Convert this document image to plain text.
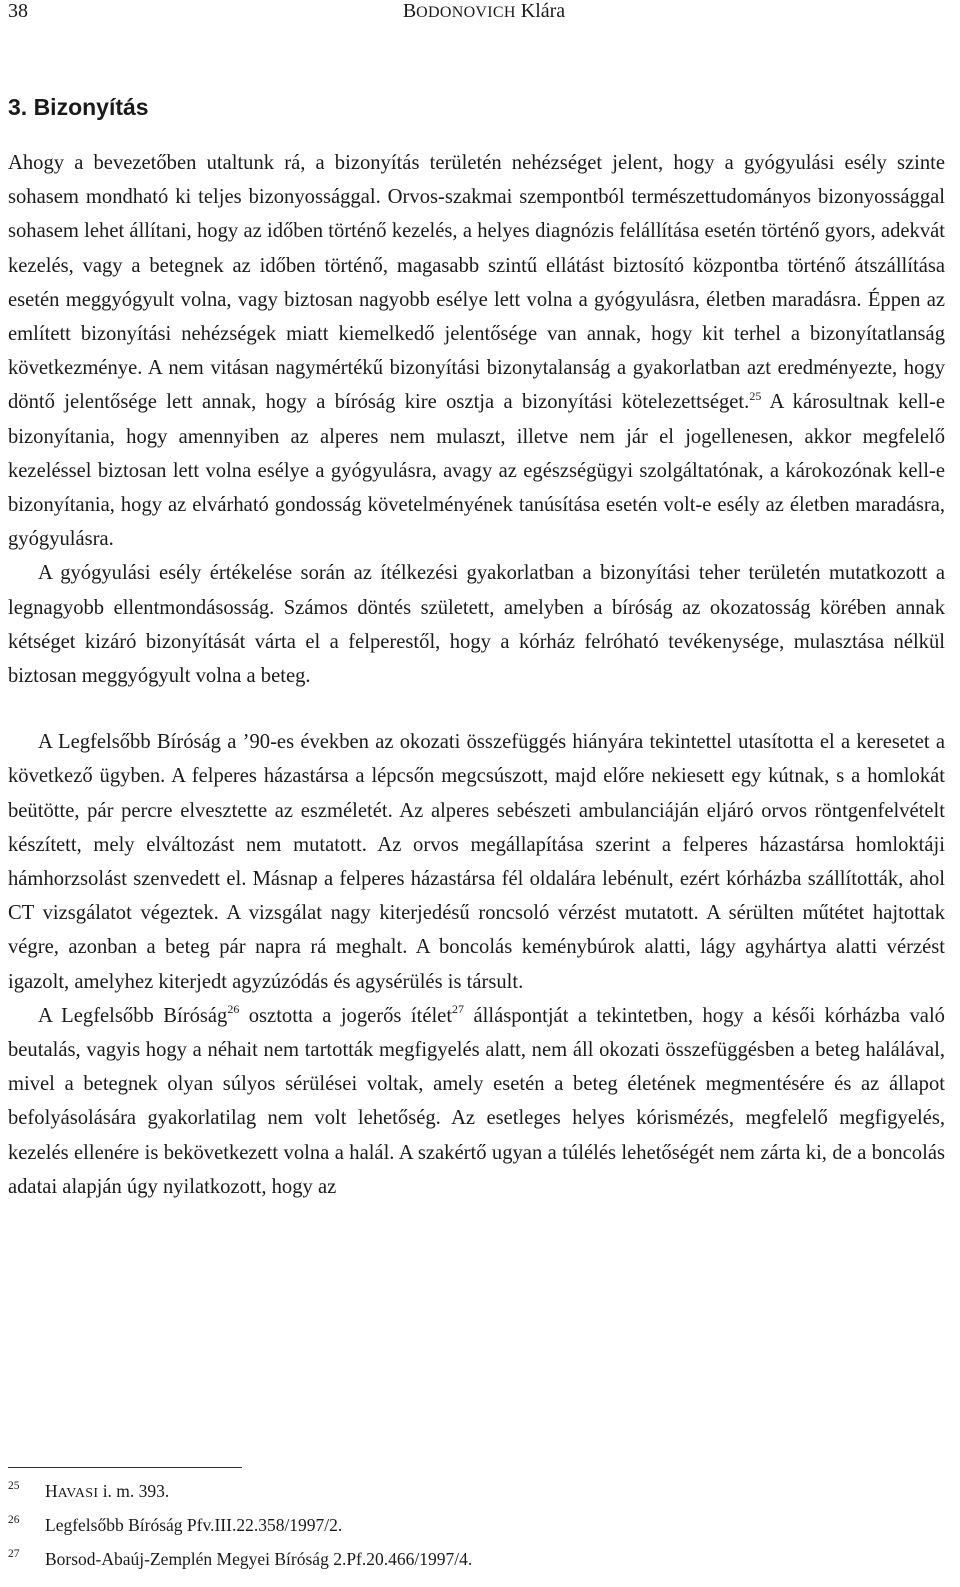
38	BODONOVICH Klára
3. Bizonyítás

Ahogy a bevezetőben utaltunk rá, a bizonyítás területén nehézséget jelent, hogy a gyógyulási esély szinte sohasem mondható ki teljes bizonyossággal. Orvos-szakmai szempontból természettudományos bizonyossággal sohasem lehet állítani, hogy az időben történő kezelés, a helyes diagnózis felállítása esetén történő gyors, adekvát kezelés, vagy a betegnek az időben történő, magasabb szintű ellátást biztosító központba történő átszállítása esetén meggyógyult volna, vagy biztosan nagyobb esélye lett volna a gyógyulásra, életben maradásra. Éppen az említett bizonyítási nehézségek miatt kiemelkedő jelentősége van annak, hogy kit terhel a bizonyítatlanság következménye. A nem vitásan nagymértékű bizonyítási bizonytalanság a gyakorlatban azt eredményezte, hogy döntő jelentősége lett annak, hogy a bíróság kire osztja a bizonyítási kötelezettséget.$^{25}$ A károsultnak kell-e bizonyítania, hogy amennyiben az alperes nem mulaszt, illetve nem jár el jogellenesen, akkor megfelelő kezeléssel biztosan lett volna esélye a gyógyulásra, avagy az egészségügyi szolgáltatónak, a károkozónak kell-e bizonyítania, hogy az elvárható gondosság követelményének tanúsítása esetén volt-e esély az életben maradásra, gyógyulásra.

A gyógyulási esély értékelése során az ítélkezési gyakorlatban a bizonyítási teher területén mutatkozott a legnagyobb ellentmondásosság. Számos döntés született, amelyben a bíróság az okozatosság körében annak kétséget kizáró bizonyítását várta el a felperestől, hogy a kórház felróható tevékenysége, mulasztása nélkül biztosan meggyógyult volna a beteg.

A Legfelsőbb Bíróság a ’90-es években az okozati összefüggés hiányára tekintettel utasította el a keresetet a következő ügyben. A felperes házastársa a lépcsőn megcsúszott, majd előre nekiesett egy kútnak, s a homlokát beütötte, pár percre elvesztette az eszméletét. Az alperes sebészeti ambulanciáján eljáró orvos röntgenfelvételt készített, mely elváltozást nem mutatott. Az orvos megállapítása szerint a felperes házastársa homloktáji hámhorzsolást szenvedett el. Másnap a felperes házastársa fél oldalára lebénult, ezért kórházba szállították, ahol CT vizsgálatot végeztek. A vizsgálat nagy kiterjedésű roncsoló vérzést mutatott. A sérülten műtétet hajtottak végre, azonban a beteg pár napra rá meghalt. A boncolás keménybúrok alatti, lágy agyhártya alatti vérzést igazolt, amelyhez kiterjedt agyzúzódás és agysérülés is társult.

A Legfelsőbb Bíróság$^{26}$ osztotta a jogerős ítélet$^{27}$ álláspontját a tekintetben, hogy a késői kórházba való beutalás, vagyis hogy a néhait nem tartották megfigyelés alatt, nem áll okozati összefüggésben a beteg halálával, mivel a betegnek olyan súlyos sérülései voltak, amely esetén a beteg életének megmentésére és az állapot befolyásolására gyakorlatilag nem volt lehetőség. Az esetleges helyes kórismézés, megfelelő megfigyelés, kezelés ellenére is bekövetkezett volna a halál. A szakértő ugyan a túlélés lehetőségét nem zárta ki, de a boncolás adatai alapján úgy nyilatkozott, hogy az

25 HAVASI i. m. 393.
26 Legfelsőbb Bíróság Pfv.III.22.358/1997/2.
27 Borsod-Abaúj-Zemplén Megyei Bíróság 2.Pf.20.466/1997/4.
